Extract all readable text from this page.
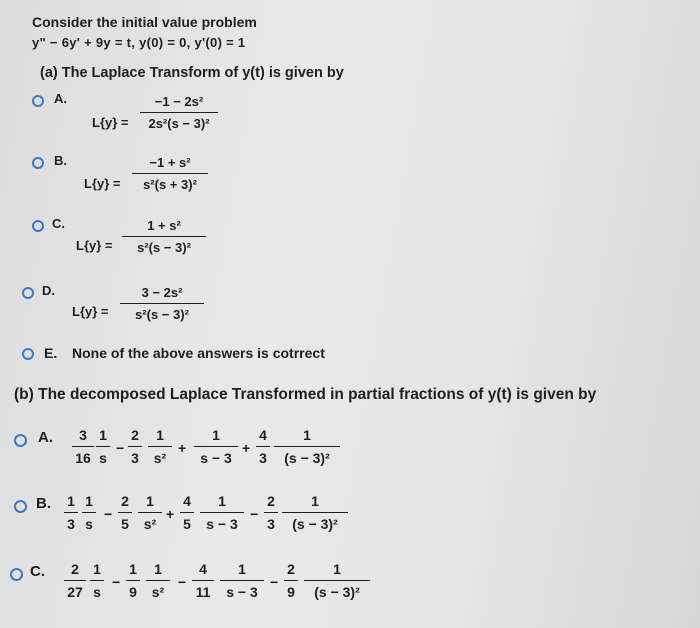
Consider the initial value problem
y" − 6y' + 9y = t, y(0) = 0, y'(0) = 1
(a) The Laplace Transform of y(t) is given by
A.
L{y} =
−1 − 2s²
2s²(s − 3)²
B.
L{y} =
−1 + s²
s²(s + 3)²
C.
L{y} =
1 + s²
s²(s − 3)²
D.
L{y} =
3 − 2s²
s²(s − 3)²
E. None of the above answers is cotrrect
(b) The decomposed Laplace Transformed in partial fractions of y(t) is given by
A.	3
16
1
s
−
2
3
1
s²
+
1
s − 3
+
4
3
1
(s − 3)²
B. 1
3
1
s
−
2
5
1
s²
+
4
5
1
s − 3
−
2
3
1
(s − 3)²
C.	2
27
1
s
−
1
9
1
s²
−
4
11
1
s − 3
−
2
9
1
(s − 3)²
